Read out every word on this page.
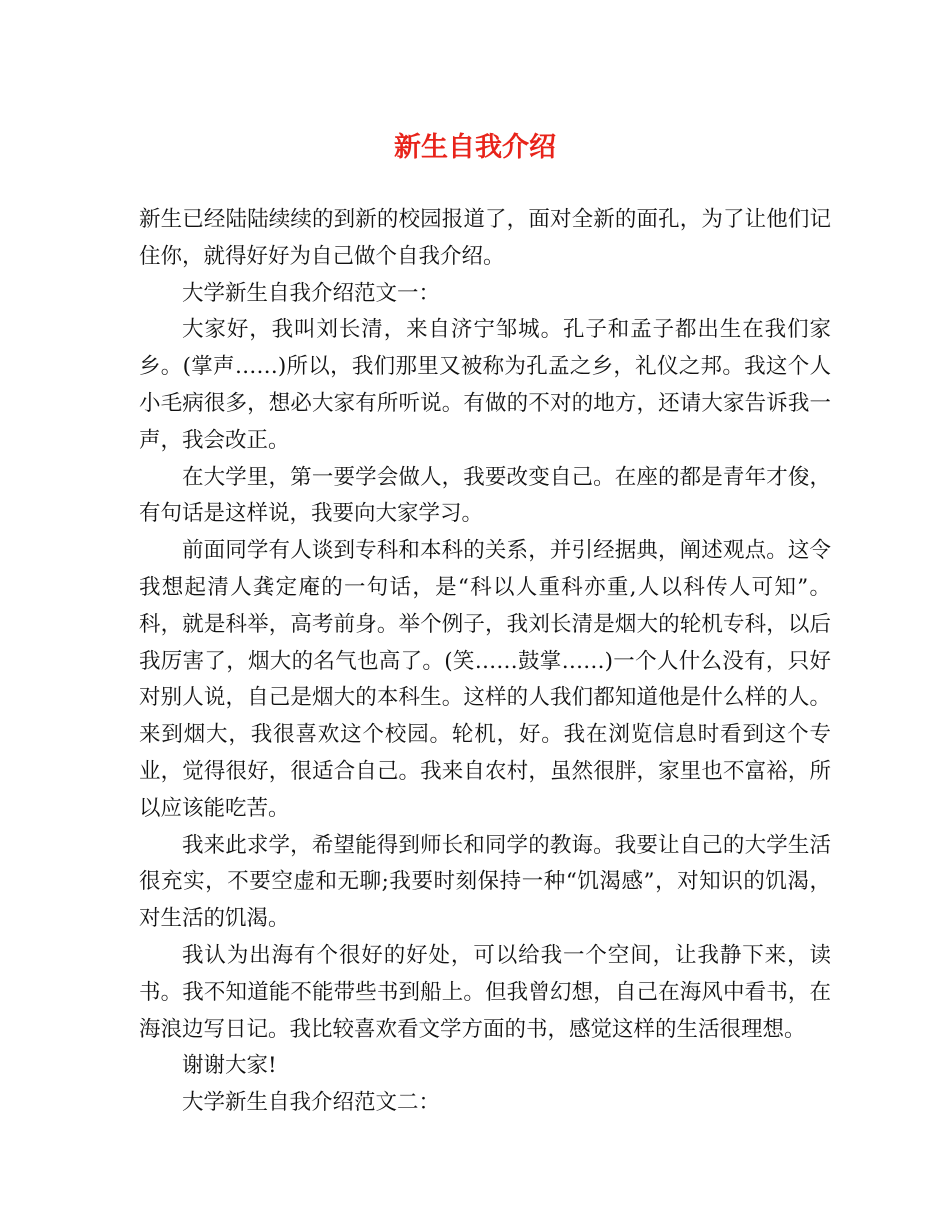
新生自我介绍

新生已经陆陆续续的到新的校园报道了，面对全新的面孔，为了让他们记住你，就得好好为自己做个自我介绍。

大学新生自我介绍范文一：

大家好，我叫刘长清，来自济宁邹城。孔子和孟子都出生在我们家乡。(掌声……)所以，我们那里又被称为孔孟之乡，礼仪之邦。我这个人小毛病很多，想必大家有所听说。有做的不对的地方，还请大家告诉我一声，我会改正。

在大学里，第一要学会做人，我要改变自己。在座的都是青年才俊，有句话是这样说，我要向大家学习。

前面同学有人谈到专科和本科的关系，并引经据典，阐述观点。这令我想起清人龚定庵的一句话，是“科以人重科亦重,人以科传人可知”。科，就是科举，高考前身。举个例子，我刘长清是烟大的轮机专科，以后我厉害了，烟大的名气也高了。(笑……鼓掌……)一个人什么没有，只好对别人说，自己是烟大的本科生。这样的人我们都知道他是什么样的人。来到烟大，我很喜欢这个校园。轮机，好。我在浏览信息时看到这个专业，觉得很好，很适合自己。我来自农村，虽然很胖，家里也不富裕，所以应该能吃苦。

我来此求学，希望能得到师长和同学的教诲。我要让自己的大学生活很充实，不要空虚和无聊;我要时刻保持一种“饥渴感”，对知识的饥渴，对生活的饥渴。

我认为出海有个很好的好处，可以给我一个空间，让我静下来，读书。我不知道能不能带些书到船上。但我曾幻想，自己在海风中看书，在海浪边写日记。我比较喜欢看文学方面的书，感觉这样的生活很理想。

谢谢大家!

大学新生自我介绍范文二：
